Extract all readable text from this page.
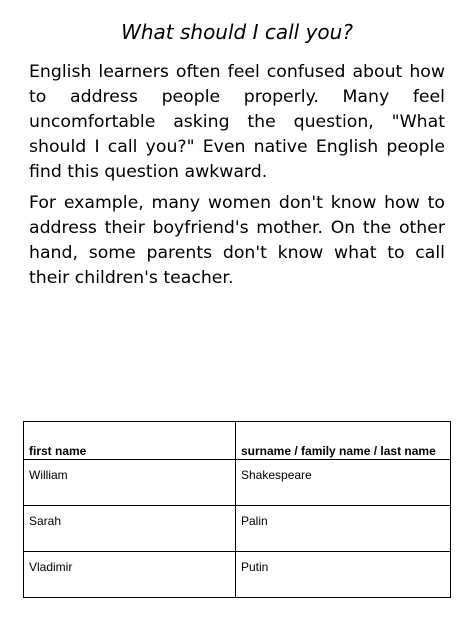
What should I call you?

English learners often feel confused about how to address people properly. Many feel uncomfortable asking the question, "What should I call you?" Even native English people find this question awkward.

For example, many women don't know how to address their boyfriend's mother. On the other hand, some parents don't know what to call their children's teacher.

first name	surname / family name / last name
William	Shakespeare
Sarah	Palin
Vladimir	Putin
